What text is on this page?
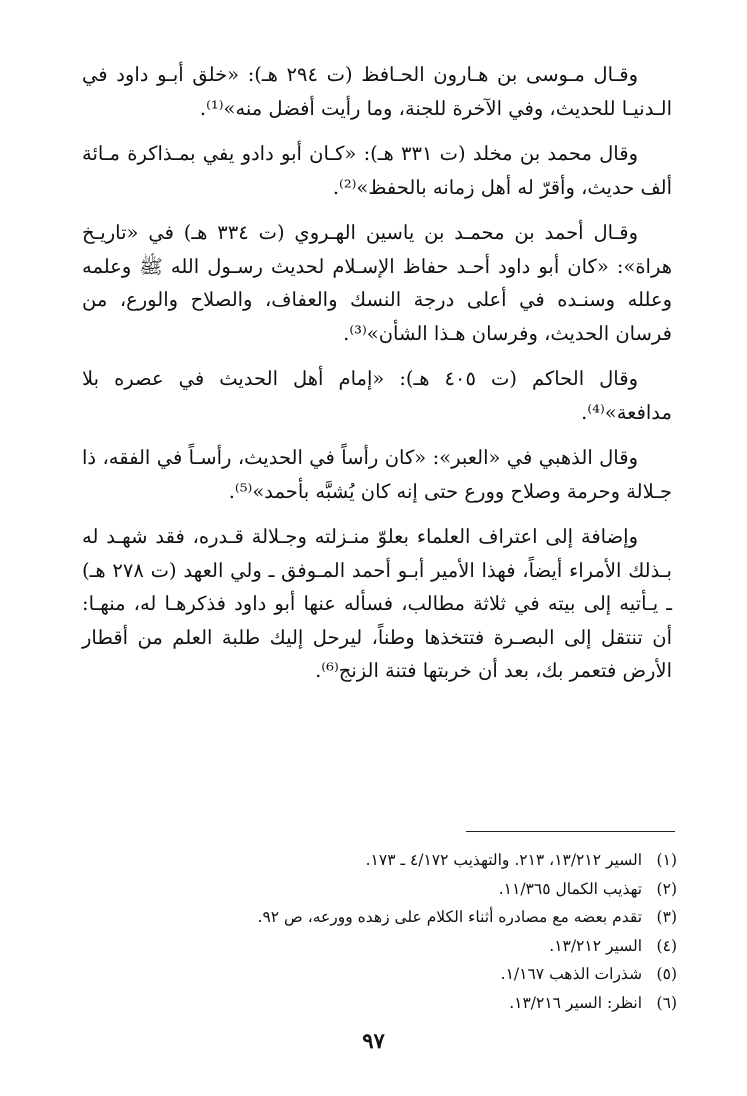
وقـال مـوسى بن هـارون الحـافظ (ت ٢٩٤ هـ): «خلق أبـو داود في الـدنيـا للحديث، وفي الآخرة للجنة، وما رأيت أفضل منه»⁽¹⁾.

وقال محمد بن مخلد (ت ٣٣١ هـ): «كـان أبو دادو يفي بمـذاكرة مـائة ألف حديث، وأقرّ له أهل زمانه بالحفظ»⁽²⁾.

وقـال أحمد بن محمـد بن ياسين الهـروي (ت ٣٣٤ هـ) في «تاريـخ هراة»: «كان أبو داود أحـد حفاظ الإسـلام لحديث رسـول الله ﷺ وعلمه وعلله وسنـده في أعلى درجة النسك والعفاف، والصلاح والورع، من فرسان الحديث، وفرسان هـذا الشأن»⁽³⁾.

وقال الحاكم (ت ٤٠٥ هـ): «إمام أهل الحديث في عصره بلا مدافعة»⁽⁴⁾.

وقال الذهبي في «العبر»: «كان رأساً في الحديث، رأسـاً في الفقه، ذا جـلالة وحرمة وصلاح وورع حتى إنه كان يُشبَّه بأحمد»⁽⁵⁾.

وإضافة إلى اعتراف العلماء بعلوّ منـزلته وجـلالة قـدره، فقد شهـد له بـذلك الأمراء أيضاً، فهذا الأمير أبـو أحمد المـوفق ـ ولي العهد (ت ٢٧٨ هـ) ـ يـأتيه إلى بيته في ثلاثة مطالب، فسأله عنها أبو داود فذكرهـا له، منهـا: أن تنتقل إلى البصـرة فتتخذها وطناً، ليرحل إليك طلبة العلم من أقطار الأرض فتعمر بك، بعد أن خربتها فتنة الزنج⁽⁶⁾.

(١) السير ١٣/٢١٢، ٢١٣. والتهذيب ٤/١٧٢ ـ ١٧٣.

(٢) تهذيب الكمال ١١/٣٦٥.

(٣) تقدم بعضه مع مصادره أثناء الكلام على زهده وورعه، ص ٩٢.

(٤) السير ١٣/٢١٢.

(٥) شذرات الذهب ١/١٦٧.

(٦) انظر: السير ١٣/٢١٦.

٩٧
